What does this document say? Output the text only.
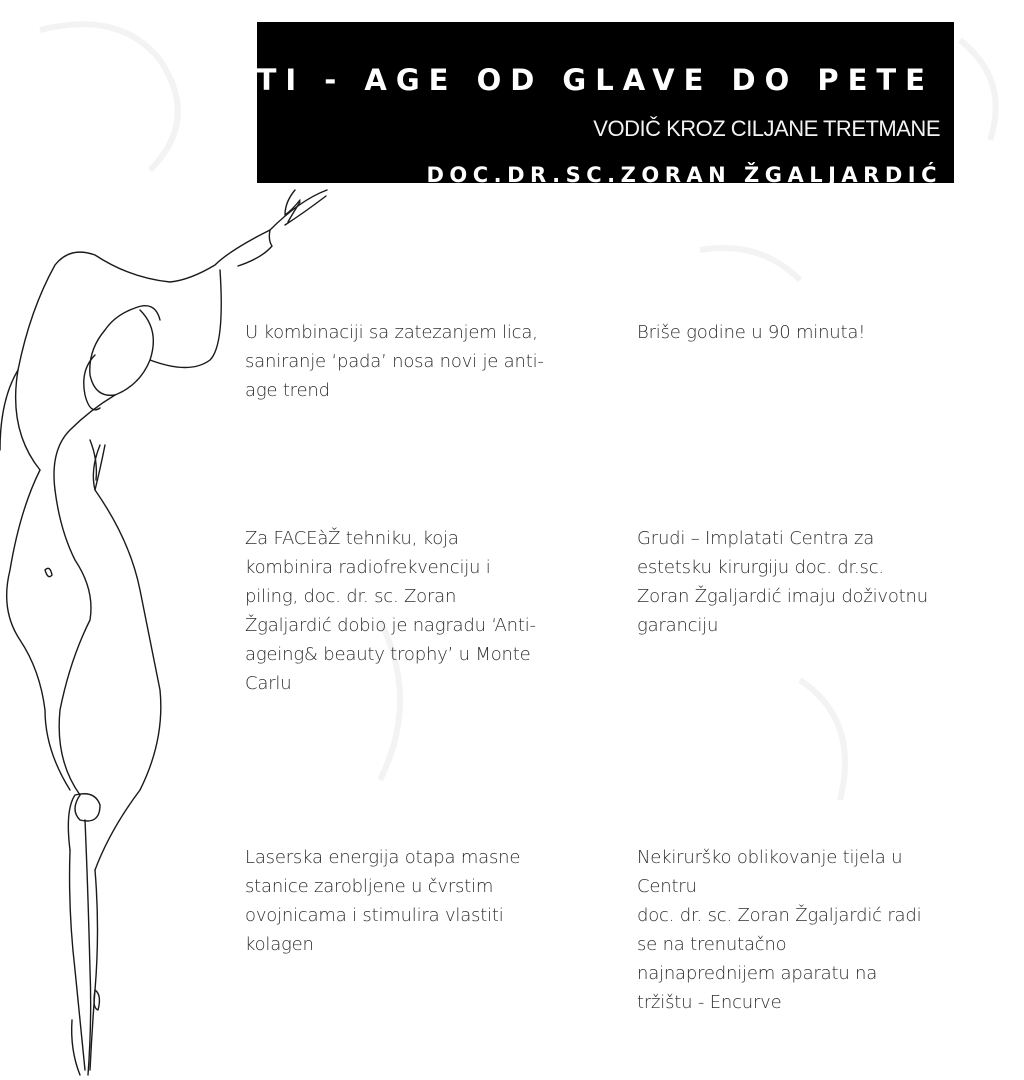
ANTI - AGE OD GLAVE DO PETE
VODIČ KROZ CILJANE TRETMANE
DOC.DR.SC.ZORAN ŽGALJARDIĆ
U kombinaciji sa zatezanjem lica,
saniranje ‘pada’ nosa novi je anti-
age trend
Briše godine u 90 minuta!
Za FACEàŽ tehniku, koja
kombinira radiofrekvenciju i
piling, doc. dr. sc. Zoran
Žgaljardić dobio je nagradu ‘Anti-
ageing& beauty trophy’ u Monte
Carlu
Grudi – Implatati Centra za
estetsku kirurgiju doc. dr.sc.
Zoran Žgaljardić imaju doživotnu
garanciju
Laserska energija otapa masne
stanice zarobljene u čvrstim
ovojnicama i stimulira vlastiti
kolagen
Nekirurško oblikovanje tijela u
Centru
doc. dr. sc. Zoran Žgaljardić radi
se na trenutačno
najnaprednijem aparatu na
tržištu - Encurve
